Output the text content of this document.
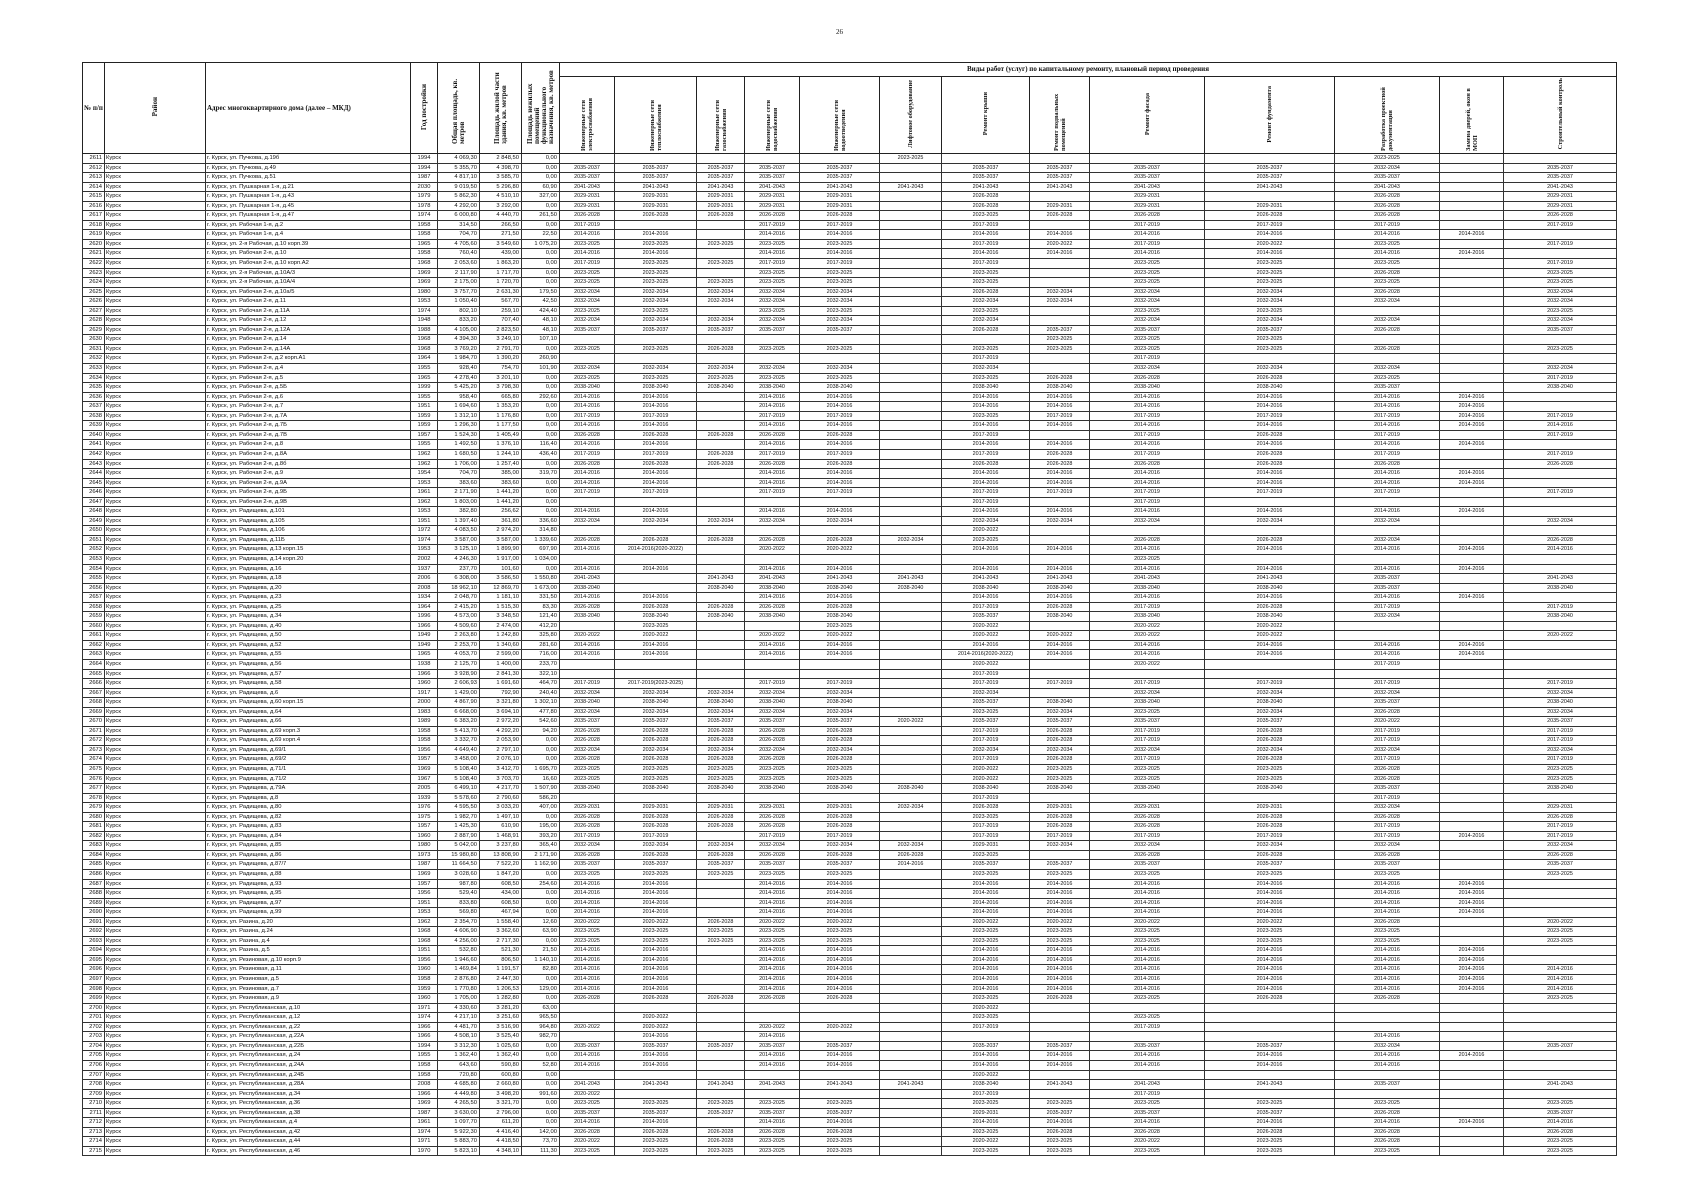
26
№ п/п	Район	Адрес многоквартирного дома (далее – МКД)	Год постройки	Общая площадь, кв. метров	Площадь жилой части здания, кв. метров	Площадь нежилых помещений функционального назначения, кв. метров	Виды работ (услуг) по капитальному ремонту, плановый период проведения												
							Инженерные сети электроснабжения	Инженерные сети теплоснабжения	Инженерные сети газоснабжения	Инженерные сети водоснабжения	Инженерные сети водоотведения	Лифтовое оборудование	Ремонт крыши	Ремонт подвальных помещений	Ремонт фасада	Ремонт фундамента	Разработка проектной документации	Замена дверей, окон в МОП	Строительный контроль
2611	Курск	г. Курск, ул. Пучкова, д.19б	1994	4 069,30	2 848,50	0,00						2023-2025					2023-2025		
2612	Курск	г. Курск, ул. Пучкова, д.49	1994	5 355,70	4 398,70	0,00	2035-2037	2035-2037	2035-2037	2035-2037	2035-2037		2035-2037	2035-2037	2035-2037	2035-2037	2032-2034		2035-2037
2613	Курск	г. Курск, ул. Пучкова, д.51	1987	4 817,10	3 585,70	0,00	2035-2037	2035-2037	2035-2037	2035-2037	2035-2037		2035-2037	2035-2037	2035-2037	2035-2037	2035-2037		2035-2037
2614	Курск	г. Курск, ул. Пушкарная 1-я, д.21	2030	9 019,50	5 296,80	60,90	2041-2043	2041-2043	2041-2043	2041-2043	2041-2043	2041-2043	2041-2043	2041-2043	2041-2043	2041-2043	2041-2043		2041-2043
2615	Курск	г. Курск, ул. Пушкарная 1-я, д.43	1979	5 862,30	4 510,10	327,00	2029-2031	2029-2031	2029-2031	2029-2031	2029-2031		2026-2028		2029-2031		2026-2028		2029-2031
2616	Курск	г. Курск, ул. Пушкарная 1-я, д.45	1978	4 292,00	3 292,00	0,00	2029-2031	2029-2031	2029-2031	2029-2031	2029-2031		2026-2028	2029-2031	2029-2031	2029-2031	2026-2028		2029-2031
2617	Курск	г. Курск, ул. Пушкарная 1-я, д.47	1974	6 000,80	4 440,70	261,50	2026-2028	2026-2028	2026-2028	2026-2028	2026-2028		2023-2025	2026-2028	2026-2028	2026-2028	2026-2028		2026-2028
2618	Курск	г. Курск, ул. Рабочая 1-я, д.2	1958	314,50	266,50	0,00	2017-2019			2017-2019	2017-2019		2017-2019		2017-2019	2017-2019	2017-2019		2017-2019
2619	Курск	г. Курск, ул. Рабочая 1-я, д.4	1958	704,70	271,50	22,50	2014-2016	2014-2016		2014-2016	2014-2016		2014-2016	2014-2016	2014-2016	2014-2016	2014-2016	2014-2016	
2620	Курск	г. Курск, ул. 2-я Рабочая, д.10 корп.39	1965	4 705,60	3 549,60	1 075,20	2023-2025	2023-2025	2023-2025	2023-2025	2023-2025		2017-2019	2020-2022	2017-2019	2020-2022	2023-2025		2017-2019
2621	Курск	г. Курск, ул. Рабочая 2-я, д.10	1958	760,40	439,00	0,00	2014-2016	2014-2016		2014-2016	2014-2016		2014-2016	2014-2016	2014-2016	2014-2016	2014-2016	2014-2016	
2622	Курск	г. Курск, ул. Рабочая 2-я, д.10 корп.А2	1968	2 053,60	1 863,20	0,00	2017-2019	2023-2025	2023-2025	2017-2019	2017-2019		2017-2019		2023-2025	2023-2025	2023-2025		2017-2019
2623	Курск	г. Курск, ул. 2-я Рабочая, д.10А/3	1969	2 117,90	1 717,70	0,00	2023-2025	2023-2025		2023-2025	2023-2025		2023-2025		2023-2025	2023-2025	2026-2028		2023-2025
2624	Курск	г. Курск, ул. 2-я Рабочая, д.10А/4	1969	2 175,00	1 720,70	0,00	2023-2025	2023-2025	2023-2025	2023-2025	2023-2025		2023-2025		2023-2025	2023-2025	2023-2025		2023-2025
2625	Курск	г. Курск, ул. Рабочая 2-я, д.10а/5	1980	3 757,70	2 631,30	179,50	2032-2034	2032-2034	2032-2034	2032-2034	2032-2034		2026-2028	2032-2034	2032-2034	2032-2034	2026-2028		2032-2034
2626	Курск	г. Курск, ул. Рабочая 2-я, д.11	1953	1 050,40	567,70	42,50	2032-2034	2032-2034	2032-2034	2032-2034	2032-2034		2032-2034	2032-2034	2032-2034	2032-2034	2032-2034		2032-2034
2627	Курск	г. Курск, ул. Рабочая 2-я, д.11А	1974	802,10	259,10	424,40	2023-2025	2023-2025		2023-2025	2023-2025		2023-2025		2023-2025	2023-2025			2023-2025
2628	Курск	г. Курск, ул. Рабочая 2-я, д.12	1948	833,20	707,40	48,10	2032-2034	2032-2034	2032-2034	2032-2034	2032-2034		2032-2034		2032-2034	2032-2034	2032-2034		2032-2034
2629	Курск	г. Курск, ул. Рабочая 2-я, д.12А	1988	4 105,00	2 823,50	48,10	2035-2037	2035-2037	2035-2037	2035-2037	2035-2037		2026-2028	2035-2037	2035-2037	2035-2037	2026-2028		2035-2037
2630	Курск	г. Курск, ул. Рабочая 2-я, д.14	1968	4 394,30	3 249,10	107,10								2023-2025	2023-2025	2023-2025			
2631	Курск	г. Курск, ул. Рабочая 2-я, д.14А	1968	3 769,20	2 791,70	0,00	2023-2025	2023-2025	2026-2028	2023-2025	2023-2025		2023-2025	2023-2025	2023-2025	2023-2025	2026-2028		2023-2025
2632	Курск	г. Курск, ул. Рабочая 2-я, д.2 корп.А1	1964	1 984,70	1 390,20	260,90							2017-2019		2017-2019				
2633	Курск	г. Курск, ул. Рабочая 2-я, д.4	1955	928,40	754,70	101,90	2032-2034	2032-2034	2032-2034	2032-2034	2032-2034		2032-2034		2032-2034	2032-2034	2032-2034		2032-2034
2634	Курск	г. Курск, ул. Рабочая 2-я, д.5	1965	4 278,40	3 201,10	0,00	2023-2025	2023-2025	2023-2025	2023-2025	2023-2025		2023-2025	2026-2028	2026-2028	2026-2028	2023-2025		2017-2019
2635	Курск	г. Курск, ул. Рабочая 2-я, д.5Б	1999	5 425,20	3 798,30	0,00	2038-2040	2038-2040	2038-2040	2038-2040	2038-2040		2038-2040	2038-2040	2038-2040	2038-2040	2035-2037		2038-2040
2636	Курск	г. Курск, ул. Рабочая 2-я, д.6	1955	958,40	665,80	292,60	2014-2016	2014-2016		2014-2016	2014-2016		2014-2016	2014-2016	2014-2016	2014-2016	2014-2016	2014-2016	
2637	Курск	г. Курск, ул. Рабочая 2-я, д.7	1951	1 694,60	1 353,20	0,00	2014-2016	2014-2016		2014-2016	2014-2016		2014-2016	2014-2016	2014-2016	2014-2016	2014-2016	2014-2016	
2638	Курск	г. Курск, ул. Рабочая 2-я, д.7А	1959	1 312,10	1 176,80	0,00	2017-2019	2017-2019		2017-2019	2017-2019		2023-2025	2017-2019	2017-2019	2017-2019	2017-2019	2014-2016	2017-2019
2639	Курск	г. Курск, ул. Рабочая 2-я, д.7Б	1959	1 296,30	1 177,50	0,00	2014-2016	2014-2016		2014-2016	2014-2016		2014-2016	2014-2016	2014-2016	2014-2016	2014-2016	2014-2016	2014-2016
2640	Курск	г. Курск, ул. Рабочая 2-я, д.7В	1957	1 524,30	1 405,49	0,00	2026-2028	2026-2028	2026-2028	2026-2028	2026-2028		2017-2019		2017-2019	2026-2028	2017-2019		2017-2019
2641	Курск	г. Курск, ул. Рабочая 2-я, д.8	1955	1 492,50	1 376,10	116,40	2014-2016	2014-2016		2014-2016	2014-2016		2014-2016	2014-2016	2014-2016	2014-2016	2014-2016	2014-2016	
2642	Курск	г. Курск, ул. Рабочая 2-я, д.8А	1962	1 680,50	1 244,10	436,40	2017-2019	2017-2019	2026-2028	2017-2019	2017-2019		2017-2019	2026-2028	2017-2019	2026-2028	2017-2019		2017-2019
2643	Курск	г. Курск, ул. Рабочая 2-я, д.8б	1962	1 706,00	1 257,40	0,00	2026-2028	2026-2028	2026-2028	2026-2028	2026-2028		2026-2028	2026-2028	2026-2028	2026-2028	2026-2028		2026-2028
2644	Курск	г. Курск, ул. Рабочая 2-я, д.9	1954	704,70	385,00	319,70	2014-2016	2014-2016		2014-2016	2014-2016		2014-2016	2014-2016	2014-2016	2014-2016	2014-2016	2014-2016	
2645	Курск	г. Курск, ул. Рабочая 2-я, д.9А	1953	383,60	383,60	0,00	2014-2016	2014-2016		2014-2016	2014-2016		2014-2016	2014-2016	2014-2016	2014-2016	2014-2016	2014-2016	
2646	Курск	г. Курск, ул. Рабочая 2-я, д.9Б	1961	2 171,90	1 441,20	0,00	2017-2019	2017-2019		2017-2019	2017-2019		2017-2019	2017-2019	2017-2019	2017-2019	2017-2019		2017-2019
2647	Курск	г. Курск, ул. Рабочая 2-я, д.9В	1962	1 803,00	1 441,20	0,00							2017-2019		2017-2019				
2648	Курск	г. Курск, ул. Радищева, д.101	1953	382,80	256,62	0,00	2014-2016	2014-2016		2014-2016	2014-2016		2014-2016	2014-2016	2014-2016	2014-2016	2014-2016	2014-2016	
2649	Курск	г. Курск, ул. Радищева, д.105	1951	1 397,40	361,80	336,60	2032-2034	2032-2034	2032-2034	2032-2034	2032-2034		2032-2034	2032-2034	2032-2034	2032-2034	2032-2034		2032-2034
2650	Курск	г. Курск, ул. Радищева, д.106	1972	4 083,50	2 974,20	314,80							2020-2022						
2651	Курск	г. Курск, ул. Радищева, д.11Б	1974	3 587,00	3 587,00	1 339,60	2026-2028	2026-2028	2026-2028	2026-2028	2026-2028	2032-2034	2023-2025		2026-2028	2026-2028	2032-2034		2026-2028
2652	Курск	г. Курск, ул. Радищева, д.13 корп.15	1953	3 125,10	1 899,90	697,90	2014-2016	2014-2016(2020-2022)		2020-2022	2020-2022		2014-2016	2014-2016	2014-2016	2014-2016	2014-2016	2014-2016	2014-2016
2653	Курск	г. Курск, ул. Радищева, д.14 корп.20	2002	4 246,30	1 917,00	1 034,00									2023-2025				
2654	Курск	г. Курск, ул. Радищева, д.16	1937	237,70	101,60	0,00	2014-2016	2014-2016		2014-2016	2014-2016		2014-2016	2014-2016	2014-2016	2014-2016	2014-2016	2014-2016	
2655	Курск	г. Курск, ул. Радищева, д.18	2006	6 308,00	3 586,50	1 550,80	2041-2043		2041-2043	2041-2043	2041-2043	2041-2043	2041-2043	2041-2043	2041-2043	2041-2043	2035-2037		2041-2043
2656	Курск	г. Курск, ул. Радищева, д.20	2008	18 962,10	12 869,70	1 673,00	2038-2040		2038-2040	2038-2040	2038-2040	2038-2040	2038-2040	2038-2040	2038-2040	2038-2040	2035-2037		2038-2040
2657	Курск	г. Курск, ул. Радищева, д.23	1934	2 048,70	1 181,10	331,50	2014-2016	2014-2016		2014-2016	2014-2016		2014-2016	2014-2016	2014-2016	2014-2016	2014-2016	2014-2016	
2658	Курск	г. Курск, ул. Радищева, д.25	1964	2 415,20	1 515,30	83,30	2026-2028	2026-2028	2026-2028	2026-2028	2026-2028		2017-2019	2026-2028	2017-2019	2026-2028	2017-2019		2017-2019
2659	Курск	г. Курск, ул. Радищева, д.34	1996	4 573,00	3 348,50	121,40	2038-2040	2038-2040	2038-2040	2038-2040	2038-2040		2035-2037	2038-2040	2038-2040	2038-2040	2032-2034		2038-2040
2660	Курск	г. Курск, ул. Радищева, д.40	1966	4 509,60	2 474,00	412,20		2023-2025			2023-2025		2020-2022		2020-2022	2020-2022			
2661	Курск	г. Курск, ул. Радищева, д.50	1949	2 263,80	1 242,80	325,80	2020-2022	2020-2022		2020-2022	2020-2022		2020-2022	2020-2022	2020-2022	2020-2022			2020-2022
2662	Курск	г. Курск, ул. Радищева, д.52	1949	2 253,70	1 340,60	281,60	2014-2016	2014-2016		2014-2016	2014-2016		2014-2016	2014-2016	2014-2016	2014-2016	2014-2016	2014-2016	
2663	Курск	г. Курск, ул. Радищева, д.55	1965	4 053,70	2 599,00	716,00	2014-2016	2014-2016		2014-2016	2014-2016		2014-2016(2020-2022)	2014-2016	2014-2016	2014-2016	2014-2016	2014-2016	
2664	Курск	г. Курск, ул. Радищева, д.56	1938	2 125,70	1 400,00	233,70							2020-2022		2020-2022		2017-2019		
2665	Курск	г. Курск, ул. Радищева, д.57	1966	3 928,90	2 841,30	322,10							2017-2019						
2666	Курск	г. Курск, ул. Радищева, д.58	1960	2 606,93	1 691,60	464,70	2017-2019	2017-2019(2023-2025)		2017-2019	2017-2019		2017-2019	2017-2019	2017-2019	2017-2019	2017-2019		2017-2019
2667	Курск	г. Курск, ул. Радищева, д.6	1917	1 429,00	792,90	240,40	2032-2034	2032-2034	2032-2034	2032-2034	2032-2034		2032-2034		2032-2034	2032-2034	2032-2034		2032-2034
2668	Курск	г. Курск, ул. Радищева, д.60 корп.15	2000	4 867,90	3 321,80	1 302,10	2038-2040	2038-2040	2038-2040	2038-2040	2038-2040		2035-2037	2038-2040	2038-2040	2038-2040	2035-2037		2038-2040
2669	Курск	г. Курск, ул. Радищева, д.64	1983	6 668,00	3 694,10	477,80	2032-2034	2032-2034	2032-2034	2032-2034	2032-2034		2023-2025	2032-2034	2023-2025	2032-2034	2026-2028		2032-2034
2670	Курск	г. Курск, ул. Радищева, д.66	1989	6 383,20	2 972,20	542,60	2035-2037	2035-2037	2035-2037	2035-2037	2035-2037	2020-2022	2035-2037	2035-2037	2035-2037	2035-2037	2020-2022		2035-2037
2671	Курск	г. Курск, ул. Радищева, д.69 корп.3	1958	5 413,70	4 292,20	94,20	2026-2028	2026-2028	2026-2028	2026-2028	2026-2028		2017-2019	2026-2028	2017-2019	2026-2028	2017-2019		2017-2019
2672	Курск	г. Курск, ул. Радищева, д.69 корп.4	1958	3 332,70	2 053,90	0,00	2026-2028	2026-2028	2026-2028	2026-2028	2026-2028		2017-2019	2026-2028	2017-2019	2026-2028	2017-2019		2017-2019
2673	Курск	г. Курск, ул. Радищева, д.69/1	1956	4 649,40	2 797,10	0,00	2032-2034	2032-2034	2032-2034	2032-2034	2032-2034		2032-2034	2032-2034	2032-2034	2032-2034	2032-2034		2032-2034
2674	Курск	г. Курск, ул. Радищева, д.69/2	1957	3 458,00	2 076,10	0,00	2026-2028	2026-2028	2026-2028	2026-2028	2026-2028		2017-2019	2026-2028	2017-2019	2026-2028	2017-2019		2017-2019
2675	Курск	г. Курск, ул. Радищева, д.71/1	1969	5 108,40	3 412,70	1 695,70	2023-2025	2023-2025	2023-2025	2023-2025	2023-2025		2020-2022	2023-2025	2023-2025	2023-2025	2026-2028		2023-2025
2676	Курск	г. Курск, ул. Радищева, д.71/2	1967	5 108,40	3 703,70	16,60	2023-2025	2023-2025	2023-2025	2023-2025	2023-2025		2020-2022	2023-2025	2023-2025	2023-2025	2026-2028		2023-2025
2677	Курск	г. Курск, ул. Радищева, д.79А	2005	6 499,10	4 217,70	1 507,90	2038-2040	2038-2040	2038-2040	2038-2040	2038-2040	2038-2040	2038-2040	2038-2040	2038-2040	2038-2040	2035-2037		2038-2040
2678	Курск	г. Курск, ул. Радищева, д.8	1939	5 578,60	2 790,60	586,20							2017-2019				2017-2019		
2679	Курск	г. Курск, ул. Радищева, д.80	1976	4 595,50	3 033,20	407,00	2029-2031	2029-2031	2029-2031	2029-2031	2029-2031	2032-2034	2026-2028	2029-2031	2029-2031	2029-2031	2032-2034		2029-2031
2680	Курск	г. Курск, ул. Радищева, д.82	1975	1 982,70	1 497,10	0,00	2026-2028	2026-2028	2026-2028	2026-2028	2026-2028		2023-2025	2026-2028	2026-2028	2026-2028	2026-2028		2026-2028
2681	Курск	г. Курск, ул. Радищева, д.83	1957	1 425,30	610,90	195,00	2026-2028	2026-2028	2026-2028	2026-2028	2026-2028		2017-2019	2026-2028	2026-2028	2026-2028	2017-2019		2017-2019
2682	Курск	г. Курск, ул. Радищева, д.84	1960	2 887,90	1 468,91	393,20	2017-2019	2017-2019		2017-2019	2017-2019		2017-2019	2017-2019	2017-2019	2017-2019	2017-2019	2014-2016	2017-2019
2683	Курск	г. Курск, ул. Радищева, д.85	1980	5 042,00	3 237,80	365,40	2032-2034	2032-2034	2032-2034	2032-2034	2032-2034	2032-2034	2029-2031	2032-2034	2032-2034	2032-2034	2032-2034		2032-2034
2684	Курск	г. Курск, ул. Радищева, д.86	1973	15 980,80	13 808,90	2 171,90	2026-2028	2026-2028	2026-2028	2026-2028	2026-2028	2026-2028	2023-2025		2026-2028	2026-2028	2026-2028		2026-2028
2685	Курск	г. Курск, ул. Радищева, д.87/7	1987	11 664,50	7 522,20	1 162,90	2035-2037	2035-2037	2035-2037	2035-2037	2035-2037	2014-2016	2035-2037	2035-2037	2035-2037	2035-2037	2035-2037		2035-2037
2686	Курск	г. Курск, ул. Радищева, д.88	1969	3 028,60	1 847,20	0,00	2023-2025	2023-2025	2023-2025	2023-2025	2023-2025		2023-2025	2023-2025	2023-2025	2023-2025	2023-2025		2023-2025
2687	Курск	г. Курск, ул. Радищева, д.93	1957	987,80	608,50	254,60	2014-2016	2014-2016		2014-2016	2014-2016		2014-2016	2014-2016	2014-2016	2014-2016	2014-2016	2014-2016	
2688	Курск	г. Курск, ул. Радищева, д.95	1956	529,40	434,00	0,00	2014-2016	2014-2016		2014-2016	2014-2016		2014-2016	2014-2016	2014-2016	2014-2016	2014-2016	2014-2016	
2689	Курск	г. Курск, ул. Радищева, д.97	1951	833,80	608,50	0,00	2014-2016	2014-2016		2014-2016	2014-2016		2014-2016	2014-2016	2014-2016	2014-2016	2014-2016	2014-2016	
2690	Курск	г. Курск, ул. Радищева, д.99	1953	569,80	467,94	0,00	2014-2016	2014-2016		2014-2016	2014-2016		2014-2016	2014-2016	2014-2016	2014-2016	2014-2016	2014-2016	
2691	Курск	г. Курск, ул. Разина, д.20	1962	2 354,70	1 558,40	12,60	2020-2022	2020-2022	2026-2028	2020-2022	2020-2022		2020-2022	2020-2022	2020-2022	2020-2022	2026-2028		2020-2022
2692	Курск	г. Курск, ул. Разина, д.24	1968	4 606,90	3 362,60	63,90	2023-2025	2023-2025	2023-2025	2023-2025	2023-2025		2023-2025	2023-2025	2023-2025	2023-2025	2023-2025		2023-2025
2693	Курск	г. Курск, ул. Разина, д.4	1968	4 256,00	2 717,30	0,00	2023-2025	2023-2025	2023-2025	2023-2025	2023-2025		2023-2025	2023-2025	2023-2025	2023-2025	2023-2025		2023-2025
2694	Курск	г. Курск, ул. Разина, д.5	1951	532,80	521,30	21,50	2014-2016	2014-2016		2014-2016	2014-2016		2014-2016	2014-2016	2014-2016	2014-2016	2014-2016	2014-2016	
2695	Курск	г. Курск, ул. Резиновая, д.10 корп.9	1956	1 946,60	806,50	1 140,10	2014-2016	2014-2016		2014-2016	2014-2016		2014-2016	2014-2016	2014-2016	2014-2016	2014-2016	2014-2016	
2696	Курск	г. Курск, ул. Резиновая, д.11	1960	1 469,84	1 191,57	82,80	2014-2016	2014-2016		2014-2016	2014-2016		2014-2016	2014-2016	2014-2016	2014-2016	2014-2016	2014-2016	2014-2016
2697	Курск	г. Курск, ул. Резиновая, д.5	1958	2 876,80	2 447,30	0,00	2014-2016	2014-2016		2014-2016	2014-2016		2014-2016	2014-2016	2014-2016	2014-2016	2014-2016	2014-2016	2014-2016
2698	Курск	г. Курск, ул. Резиновая, д.7	1959	1 770,80	1 206,53	129,00	2014-2016	2014-2016		2014-2016	2014-2016		2014-2016	2014-2016	2014-2016	2014-2016	2014-2016	2014-2016	2014-2016
2699	Курск	г. Курск, ул. Резиновая, д.9	1960	1 705,00	1 282,80	0,00	2026-2028	2026-2028	2026-2028	2026-2028	2026-2028		2023-2025	2026-2028	2023-2025	2026-2028	2026-2028		2023-2025
2700	Курск	г. Курск, ул. Республиканская, д.10	1971	4 330,60	3 281,20	63,00							2020-2022						
2701	Курск	г. Курск, ул. Республиканская, д.12	1974	4 217,10	3 251,60	965,50		2020-2022					2023-2025		2023-2025				
2702	Курск	г. Курск, ул. Республиканская, д.22	1966	4 481,70	3 516,90	964,80	2020-2022	2020-2022		2020-2022	2020-2022		2017-2019		2017-2019				
2703	Курск	г. Курск, ул. Республиканская, д.22А	1966	4 508,10	3 525,40	982,70		2014-2016		2014-2016							2014-2016		
2704	Курск	г. Курск, ул. Республиканская, д.22Б	1994	3 312,30	1 025,60	0,00	2035-2037	2035-2037	2035-2037	2035-2037	2035-2037		2035-2037	2035-2037	2035-2037	2035-2037	2032-2034		2035-2037
2705	Курск	г. Курск, ул. Республиканская, д.24	1955	1 362,40	1 362,40	0,00	2014-2016	2014-2016		2014-2016	2014-2016		2014-2016	2014-2016	2014-2016	2014-2016	2014-2016	2014-2016	
2706	Курск	г. Курск, ул. Республиканская, д.24А	1958	643,60	590,80	52,80	2014-2016	2014-2016		2014-2016	2014-2016		2014-2016	2014-2016	2014-2016	2014-2016	2014-2016		
2707	Курск	г. Курск, ул. Республиканская, д.24Б	1958	720,80	600,80	0,00							2020-2022						
2708	Курск	г. Курск, ул. Республиканская, д.28А	2008	4 685,80	2 660,80	0,00	2041-2043	2041-2043	2041-2043	2041-2043	2041-2043	2041-2043	2038-2040	2041-2043	2041-2043	2041-2043	2035-2037		2041-2043
2709	Курск	г. Курск, ул. Республиканская, д.34	1966	4 449,80	3 498,20	991,60	2020-2022						2017-2019		2017-2019				
2710	Курск	г. Курск, ул. Республиканская, д.36	1969	4 265,50	3 321,70	0,00	2023-2025	2023-2025	2023-2025	2023-2025	2023-2025		2023-2025	2023-2025	2023-2025	2023-2025	2023-2025		2023-2025
2711	Курск	г. Курск, ул. Республиканская, д.38	1987	3 630,00	2 796,00	0,00	2035-2037	2035-2037	2035-2037	2035-2037	2035-2037		2029-2031	2035-2037	2035-2037	2035-2037	2026-2028		2035-2037
2712	Курск	г. Курск, ул. Республиканская, д.4	1961	1 097,70	611,20	0,00	2014-2016	2014-2016		2014-2016	2014-2016		2014-2016	2014-2016	2014-2016	2014-2016	2014-2016	2014-2016	2014-2016
2713	Курск	г. Курск, ул. Республиканская, д.42	1974	5 922,30	4 416,40	142,00	2026-2028	2026-2028	2026-2028	2026-2028	2026-2028		2023-2025	2026-2028	2026-2028	2026-2028	2026-2028		2026-2028
2714	Курск	г. Курск, ул. Республиканская, д.44	1971	5 883,70	4 418,50	73,70	2020-2022	2023-2025	2026-2028	2023-2025	2023-2025		2020-2022	2023-2025	2020-2022	2023-2025	2026-2028		2023-2025
2715	Курск	г. Курск, ул. Республиканская, д.46	1970	5 823,10	4 348,10	111,30	2023-2025	2023-2025	2023-2025	2023-2025	2023-2025		2023-2025	2023-2025	2023-2025	2023-2025	2023-2025		2023-2025
